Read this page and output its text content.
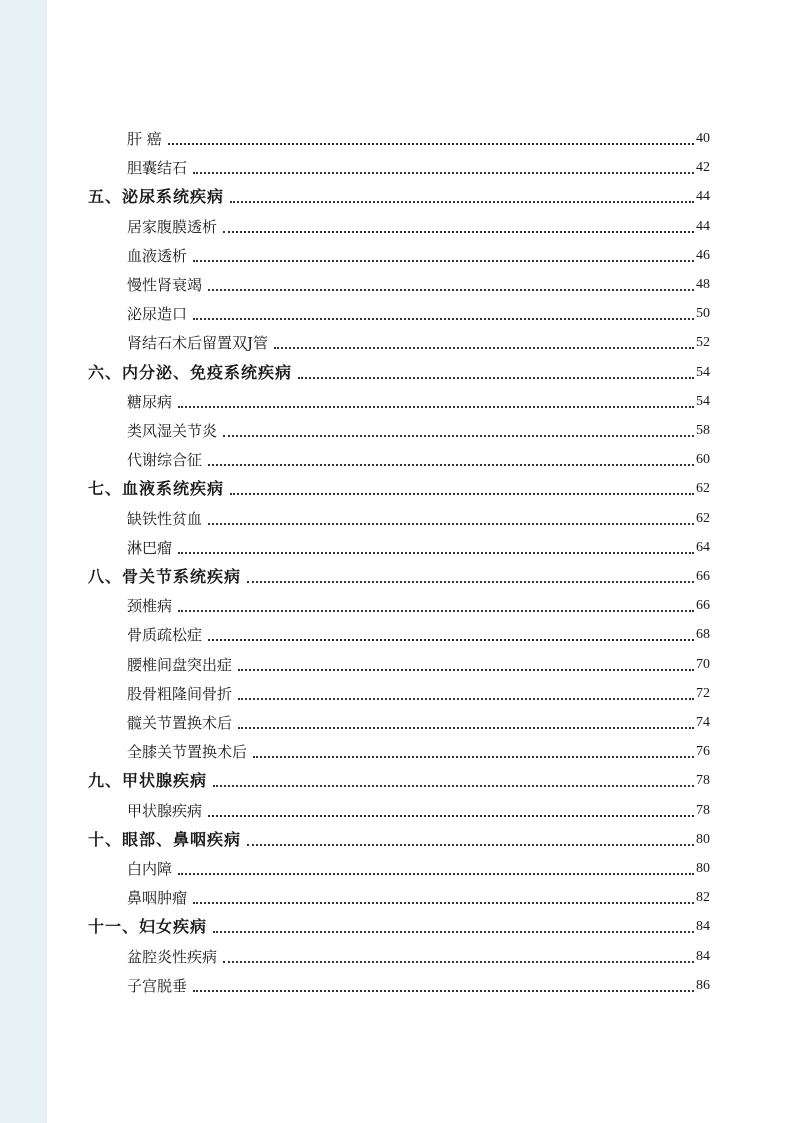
肝 癌	40
胆囊结石	42
五、泌尿系统疾病	44
居家腹膜透析	44
血液透析	46
慢性肾衰竭	48
泌尿造口	50
肾结石术后留置双J管	52
六、内分泌、免疫系统疾病	54
糖尿病	54
类风湿关节炎	58
代谢综合征	60
七、血液系统疾病	62
缺铁性贫血	62
淋巴瘤	64
八、骨关节系统疾病	66
颈椎病	66
骨质疏松症	68
腰椎间盘突出症	70
股骨粗隆间骨折	72
髋关节置换术后	74
全膝关节置换术后	76
九、甲状腺疾病	78
甲状腺疾病	78
十、眼部、鼻咽疾病	80
白内障	80
鼻咽肿瘤	82
十一、妇女疾病	84
盆腔炎性疾病	84
子宫脱垂	86
